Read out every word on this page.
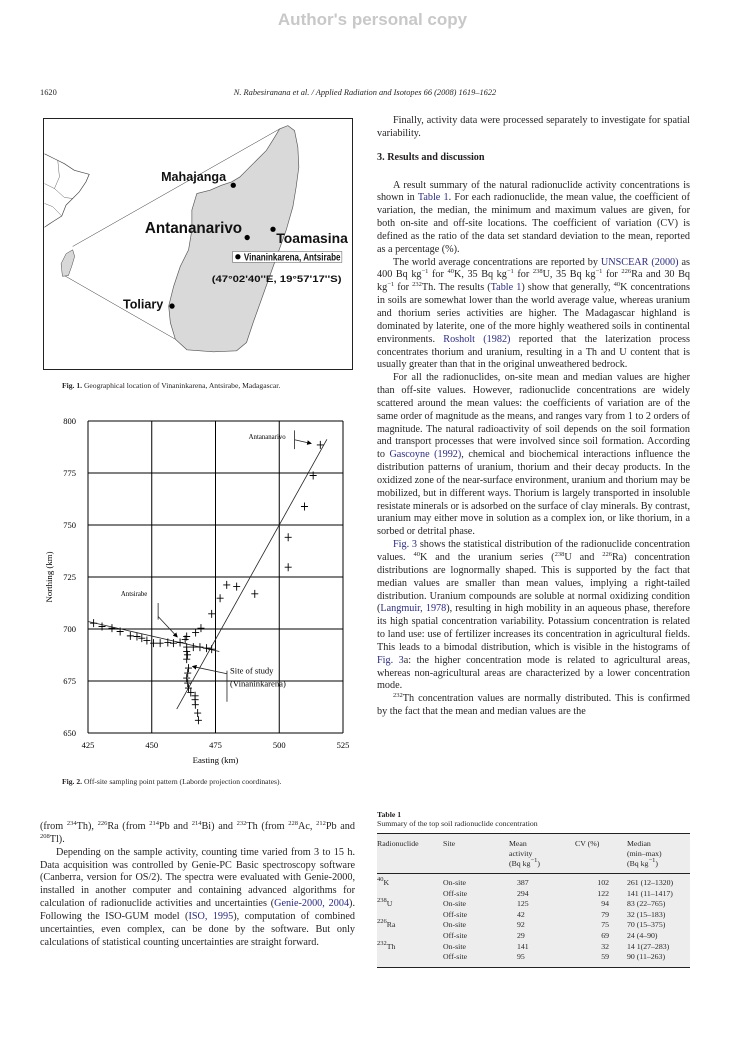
Author's personal copy
1620	N. Rabesiranana et al. / Applied Radiation and Isotopes 66 (2008) 1619–1622
Mahajanga
Antananarivo
Toamasina
Vinaninkarena, Antsirabe
(47°02'40''E, 19°57'17''S)
Toliary
Fig. 1. Geographical location of Vinaninkarena, Antsirabe, Madagascar.
425	450	475	500	525
650
675
700
725
750
775
800
Easting (km)
Northing (km)
Antananarivo
Antsirabe
Site of study
(Vinaninkarena)
Fig. 2. Off-site sampling point pattern (Laborde projection coordinates).

Finally, activity data were processed separately to investigate for spatial variability.

3. Results and discussion

A result summary of the natural radionuclide activity concentrations is shown in Table 1. For each radionuclide, the mean value, the coefficient of variation, the median, the minimum and maximum values are given, for both on-site and off-site locations. The coefficient of variation (CV) is defined as the ratio of the data set standard deviation to the mean, reported as a percentage (%).

The world average concentrations are reported by UNSCEAR (2000) as 400 Bq $kg^{-1}$ for $^{40}$K, 35 Bq $kg^{-1}$ for $^{238}$U, 35 Bq $kg^{-1}$ for $^{226}$Ra and 30 Bq $kg^{-1}$ for $^{232}$Th. The results (Table 1) show that generally, $^{40}$K concentrations in soils are somewhat lower than the world average value, whereas uranium and thorium series activities are higher. The Madagascar highland is dominated by laterite, one of the more highly weathered soils in continental environments. Rosholt (1982) reported that the laterization process concentrates thorium and uranium, resulting in a Th and U content that is usually greater than that in the original unweathered bedrock.

For all the radionuclides, on-site mean and median values are higher than off-site values. However, radionuclide concentrations are widely scattered around the mean values: the coefficients of variation are of the same order of magnitude as the means, and ranges vary from 1 to 2 orders of magnitude. The natural radioactivity of soil depends on the soil formation and transport processes that were involved since soil formation. According to Gascoyne (1992), chemical and biochemical interactions influence the distribution patterns of uranium, thorium and their decay products. In the oxidized zone of the near-surface environment, uranium and thorium may be mobilized, but in different ways. Thorium is largely transported in insoluble resistate minerals or is adsorbed on the surface of clay minerals. By contrast, uranium may either move in solution as a complex ion, or like thorium, in a sorbed or detrital phase.

Fig. 3 shows the statistical distribution of the radionuclide concentration values. $^{40}$K and the uranium series ($^{238}$U and $^{226}$Ra) concentration distributions are lognormally shaped. This is supported by the fact that median values are smaller than mean values, implying a right-tailed distribution. Uranium compounds are soluble at normal oxidizing condition (Langmuir, 1978), resulting in high mobility in an aqueous phase, therefore its high spatial concentration variability. Potassium concentration is related to land use: use of fertilizer increases its concentration in agricultural fields. This leads to a bimodal distribution, which is visible in the histograms of Fig. 3a: the higher concentration mode is related to agricultural areas, whereas non-agricultural areas are characterized by a lower concentration mode.

$^{232}$Th concentration values are normally distributed. This is confirmed by the fact that the mean and median values are the

(from $^{234}$Th), $^{226}$Ra (from $^{214}$Pb and $^{214}$Bi) and $^{232}$Th (from $^{228}$Ac, $^{212}$Pb and $^{208}$Tl).

Depending on the sample activity, counting time varied from 3 to 15 h. Data acquisition was controlled by Genie-PC Basic spectroscopy software (Canberra, version for OS/2). The spectra were evaluated with Genie-2000, installed in another computer and containing advanced algorithms for calculation of radionuclide activities and uncertainties (Genie-2000, 2004). Following the ISO-GUM model (ISO, 1995), computation of combined uncertainties, even complex, can be done by the software. But only calculations of statistical counting uncertainties are straight forward.

Table 1
Summary of the top soil radionuclide concentration
Radionuclide	Site	Mean
activity
(Bq $kg^{-1}$)	CV (%)	Median
(min–max)
(Bq $kg^{-1}$)
$^{40}$K	On-site	387	102	261 (12–1320)
	Off-site	294	122	141 (11–1417)
$^{238}$U	On-site	125	94	83 (22–765)
	Off-site	42	79	32 (15–183)
$^{226}$Ra	On-site	92	75	70 (15–375)
	Off-site	29	69	24 (4–90)
$^{232}$Th	On-site	141	32	14 1(27–283)
	Off-site	95	59	90 (11–263)
